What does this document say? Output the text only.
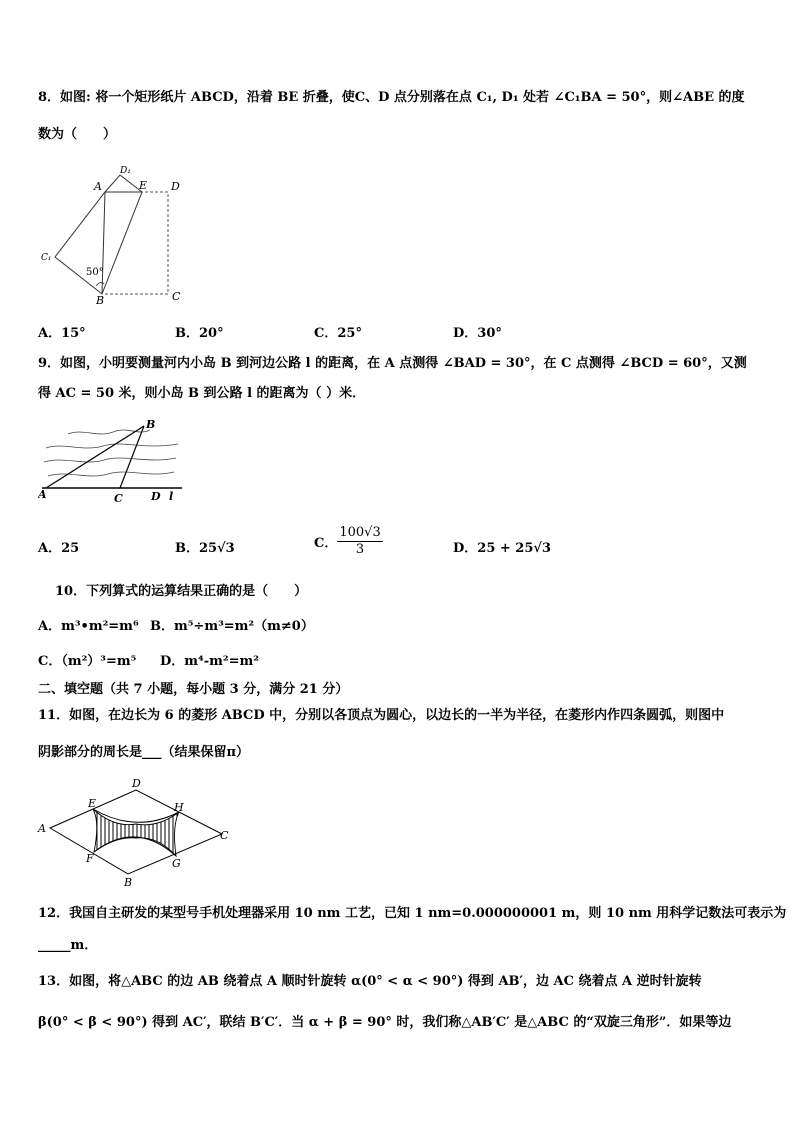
8．如图: 将一个矩形纸片 ABCD，沿着 BE 折叠，使C、D 点分别落在点 C₁, D₁ 处若 ∠C₁BA = 50°，则∠ABE 的度
数为（　　）
A
D₁
E D
C₁
50°
B	C
A．15°	B．20°	C．25°	D．30°
9．如图，小明要测量河内小岛 B 到河边公路 l 的距离，在 A 点测得 ∠BAD = 30°，在 C 点测得 ∠BCD = 60°，又测
得 AC = 50 米，则小岛 B 到公路 l 的距离为（ ）米．
A
B
C	D l
A．25	B．25√3	C． $\frac{100√3}{3}$	D．25 + 25√3
10．下列算式的运算结果正确的是（　　）
A．m³•m²=m⁶ B．m⁵÷m³=m²（m≠0）
C．（m²）³=m⁵ D．m⁴-m²=m²
二、填空题（共 7 小题，每小题 3 分，满分 21 分）
11．如图，在边长为 6 的菱形 ABCD 中，分别以各顶点为圆心，以边长的一半为半径，在菱形内作四条圆弧，则图中
阴影部分的周长是___（结果保留π）
A
D
C
B
E	H
F	G
12．我国自主研发的某型号手机处理器采用 10 nm 工艺，已知 1 nm=0.000000001 m，则 10 nm 用科学记数法可表示为
_____m．
13．如图，将△ABC 的边 AB 绕着点 A 顺时针旋转 α(0° < α < 90°) 得到 AB′，边 AC 绕着点 A 逆时针旋转
β(0° < β < 90°) 得到 AC′，联结 B′C′．当 α + β = 90° 时，我们称△AB′C′ 是△ABC 的“双旋三角形”．如果等边
